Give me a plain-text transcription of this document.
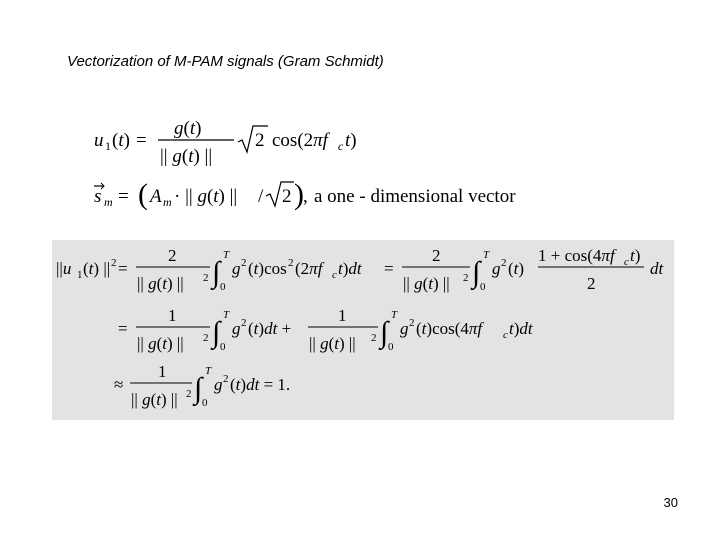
Vectorization of M-PAM signals (Gram Schmidt)
u 1 (t) =
g(t)
|| g(t) ||
2 cos(2πf c t)
s m = ( A m · || g(t) || / 2 ) , a one - dimensional vector
||u 1 (t) || 2 =
2
|| g(t) || 2 ∫
T
0
g 2 (t)cos 2 (2πf c t)dt =
2
|| g(t) || 2 ∫
T
0
g 2 (t)
1 + cos(4πf c t)
2
dt
=
1
|| g(t) || 2 ∫
T
0
g 2 (t)dt +
1
|| g(t) || 2 ∫
T
0
g 2 (t)cos(4πf c t)dt
≈
1
|| g(t) || 2 ∫
T
0
g 2 (t)dt = 1.
30
